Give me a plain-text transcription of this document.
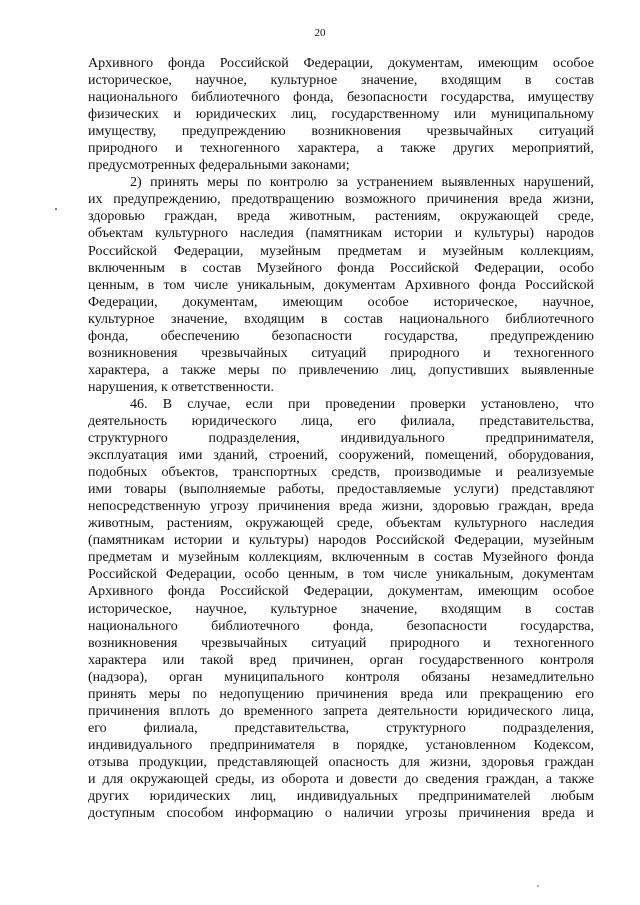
20
Архивного фонда Российской Федерации, документам, имеющим особое
историческое, научное, культурное значение, входящим в состав
национального библиотечного фонда, безопасности государства, имуществу
физических и юридических лиц, государственному или муниципальному
имуществу, предупреждению возникновения чрезвычайных ситуаций
природного и техногенного характера, а также других мероприятий,
предусмотренных федеральными законами;
2) принять меры по контролю за устранением выявленных нарушений,
их предупреждению, предотвращению возможного причинения вреда жизни,
здоровью граждан, вреда животным, растениям, окружающей среде,
объектам культурного наследия (памятникам истории и культуры) народов
Российской Федерации, музейным предметам и музейным коллекциям,
включенным в состав Музейного фонда Российской Федерации, особо
ценным, в том числе уникальным, документам Архивного фонда Российской
Федерации, документам, имеющим особое историческое, научное,
культурное значение, входящим в состав национального библиотечного
фонда, обеспечению безопасности государства, предупреждению
возникновения чрезвычайных ситуаций природного и техногенного
характера, а также меры по привлечению лиц, допустивших выявленные
нарушения, к ответственности.
46. В случае, если при проведении проверки установлено, что
деятельность юридического лица, его филиала, представительства,
структурного	подразделения,	индивидуального	предпринимателя,
эксплуатация ими зданий, строений, сооружений, помещений, оборудования,
подобных объектов, транспортных средств, производимые и реализуемые
ими товары (выполняемые работы, предоставляемые услуги) представляют
непосредственную угрозу причинения вреда жизни, здоровью граждан, вреда
животным, растениям, окружающей среде, объектам культурного наследия
(памятникам истории и культуры) народов Российской Федерации, музейным
предметам и музейным коллекциям, включенным в состав Музейного фонда
Российской Федерации, особо ценным, в том числе уникальным, документам
Архивного фонда Российской Федерации, документам, имеющим особое
историческое, научное, культурное значение, входящим в состав
национального библиотечного фонда, безопасности государства,
возникновения чрезвычайных ситуаций природного и техногенного
характера или такой вред причинен, орган государственного контроля
(надзора), орган муниципального контроля обязаны незамедлительно
принять меры по недопущению причинения вреда или прекращению его
причинения вплоть до временного запрета деятельности юридического лица,
его	филиала,	представительства,	структурного	подразделения,
индивидуального предпринимателя в порядке, установленном Кодексом,
отзыва продукции, представляющей опасность для жизни, здоровья граждан
и для окружающей среды, из оборота и довести до сведения граждан, а также
других юридических лиц, индивидуальных предпринимателей любым
доступным способом информацию о наличии угрозы причинения вреда и
